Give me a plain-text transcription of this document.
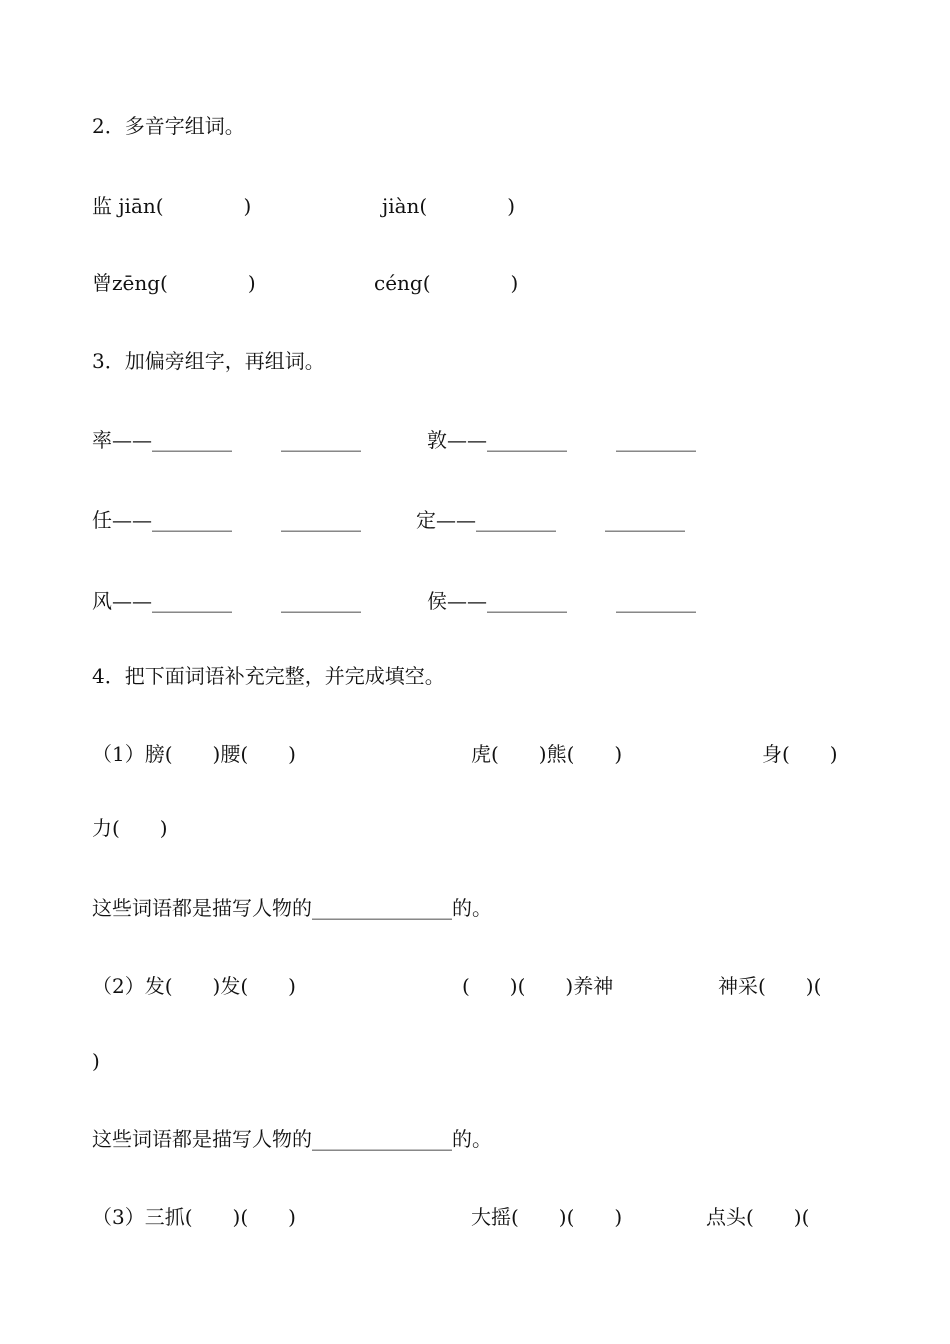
2．多音字组词。
监 jiān(　　　　)	jiàn(　　　　)
曾zēng(　　　　)	céng(　　　　)
3．加偏旁组字，再组词。
率——________ ________	敦——________ ________
任——________ ________	定——________ ________
风——________ ________	侯——________ ________
4．把下面词语补充完整，并完成填空。
（1）膀(　　)腰(　　)	虎(　　)熊(　　)	身(　　)
力(　　)
这些词语都是描写人物的______________的。
（2）发(　　)发(　　)	(　　)(　　)养神	神采(　　)(
)
这些词语都是描写人物的______________的。
（3）三抓(　　)(　　)	大摇(　　)(　　)	点头(　　)(
